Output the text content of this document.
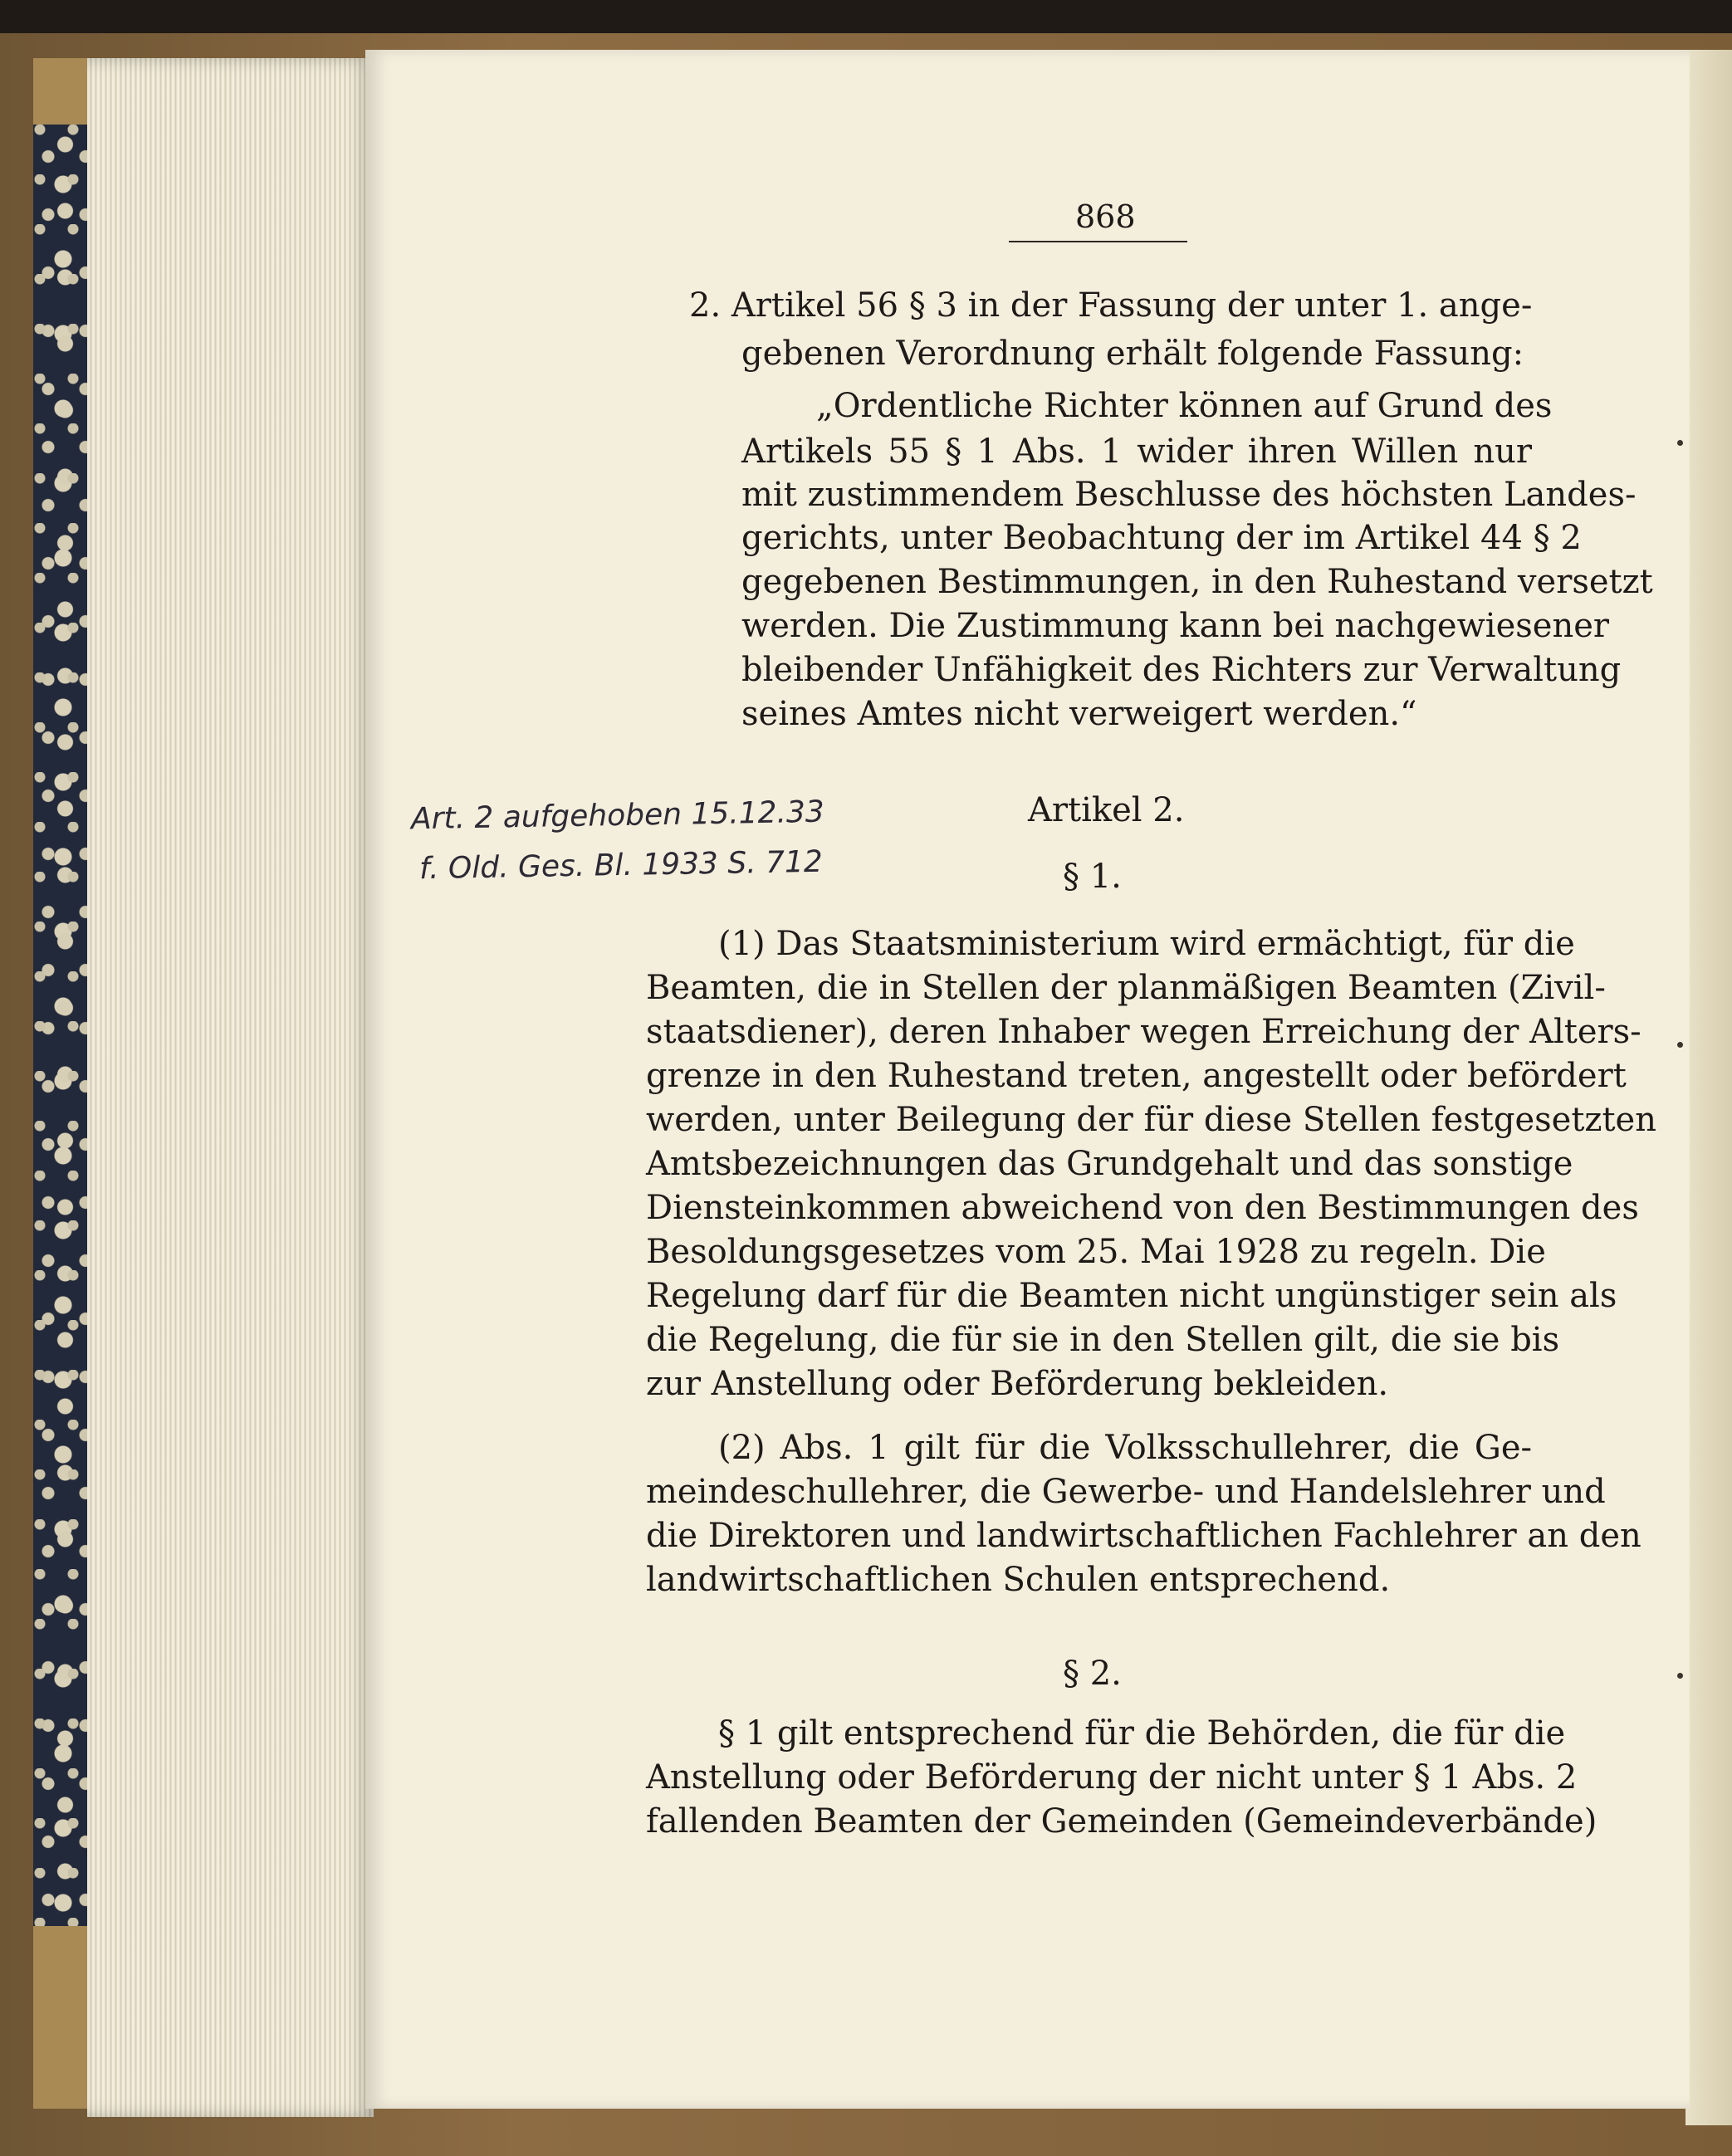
868

2. Artikel 56 § 3 in der Fassung der unter 1. ange-

gebenen Verordnung erhält folgende Fassung:

„Ordentliche Richter können auf Grund des

Artikels 55 § 1 Abs. 1 wider ihren Willen nur

mit zustimmendem Beschlusse des höchsten Landes-

gerichts, unter Beobachtung der im Artikel 44 § 2

gegebenen Bestimmungen, in den Ruhestand versetzt

werden. Die Zustimmung kann bei nachgewiesener

bleibender Unfähigkeit des Richters zur Verwaltung

seines Amtes nicht verweigert werden.“

Art. 2 aufgehoben 15.12.33
f. Old. Ges. Bl. 1933 S. 712

Artikel 2.

§ 1.

(1) Das Staatsministerium wird ermächtigt, für die

Beamten, die in Stellen der planmäßigen Beamten (Zivil-

staatsdiener), deren Inhaber wegen Erreichung der Alters-

grenze in den Ruhestand treten, angestellt oder befördert

werden, unter Beilegung der für diese Stellen festgesetzten

Amtsbezeichnungen das Grundgehalt und das sonstige

Diensteinkommen abweichend von den Bestimmungen des

Besoldungsgesetzes vom 25. Mai 1928 zu regeln. Die

Regelung darf für die Beamten nicht ungünstiger sein als

die Regelung, die für sie in den Stellen gilt, die sie bis

zur Anstellung oder Beförderung bekleiden.

(2) Abs. 1 gilt für die Volksschullehrer, die Ge-

meindeschullehrer, die Gewerbe- und Handelslehrer und

die Direktoren und landwirtschaftlichen Fachlehrer an den

landwirtschaftlichen Schulen entsprechend.

§ 2.

§ 1 gilt entsprechend für die Behörden, die für die

Anstellung oder Beförderung der nicht unter § 1 Abs. 2

fallenden Beamten der Gemeinden (Gemeindeverbände)
